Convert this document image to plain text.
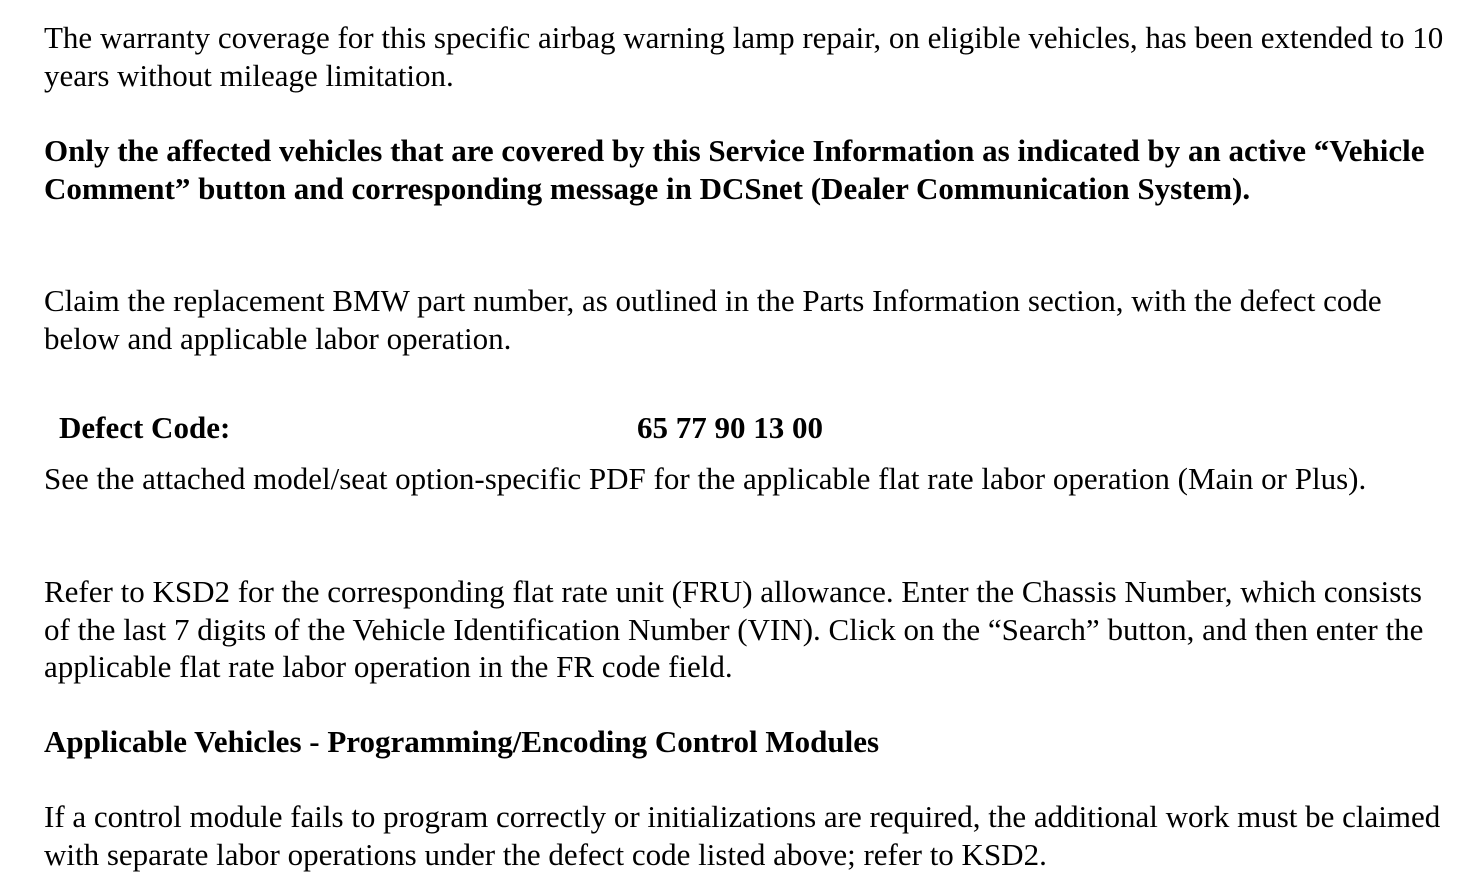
The warranty coverage for this specific airbag warning lamp repair, on eligible vehicles, has been extended to 10 years without mileage limitation.

Only the affected vehicles that are covered by this Service Information as indicated by an active “Vehicle Comment” button and corresponding message in DCSnet (Dealer Communication System).

Claim the replacement BMW part number, as outlined in the Parts Information section, with the defect code below and applicable labor operation.

Defect Code:	65 77 90 13 00

See the attached model/seat option-specific PDF for the applicable flat rate labor operation (Main or Plus).

Refer to KSD2 for the corresponding flat rate unit (FRU) allowance. Enter the Chassis Number, which consists of the last 7 digits of the Vehicle Identification Number (VIN). Click on the “Search” button, and then enter the applicable flat rate labor operation in the FR code field.

Applicable Vehicles - Programming/Encoding Control Modules

If a control module fails to program correctly or initializations are required, the additional work must be claimed with separate labor operations under the defect code listed above; refer to KSD2.
